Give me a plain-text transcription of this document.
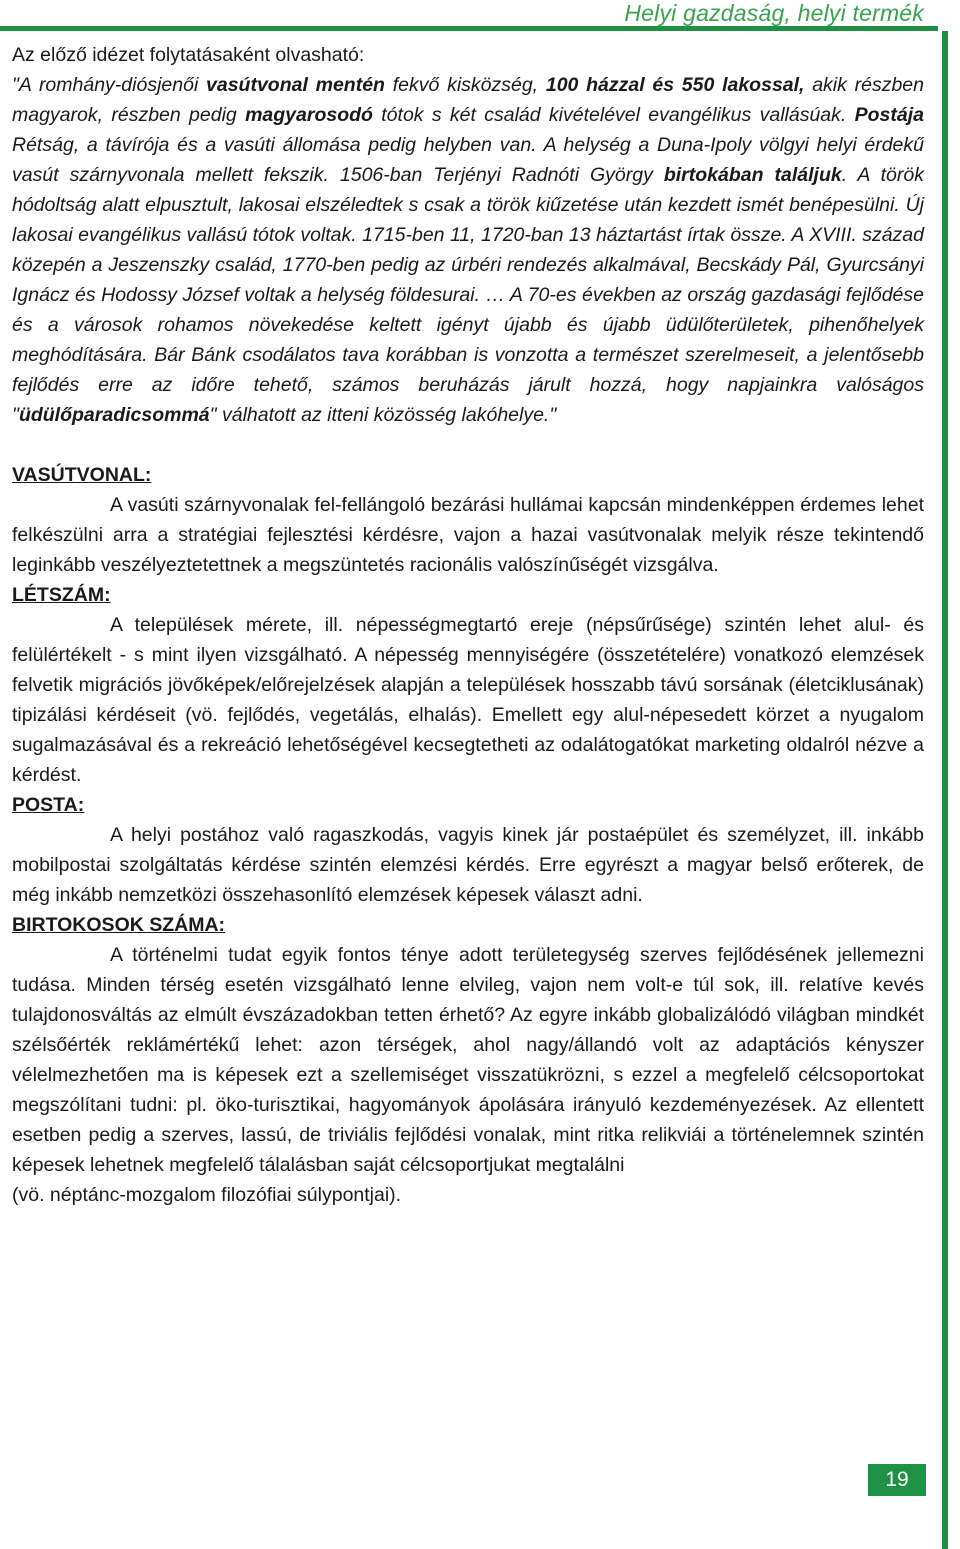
Helyi gazdaság, helyi termék

Az előző idézet folytatásaként olvasható:

"A romhány-diósjenői vasútvonal mentén fekvő kisközség, 100 házzal és 550 lakossal, akik részben magyarok, részben pedig magyarosodó tótok s két család kivételével evangélikus vallásúak. Postája Rétság, a távírója és a vasúti állomása pedig helyben van. A helység a Duna-Ipoly völgyi helyi érdekű vasút szárnyvonala mellett fekszik. 1506-ban Terjényi Radnóti György birtokában találjuk. A török hódoltság alatt elpusztult, lakosai elszéledtek s csak a török kiűzetése után kezdett ismét benépesülni. Új lakosai evangélikus vallású tótok voltak. 1715-ben 11, 1720-ban 13 háztartást írtak össze. A XVIII. század közepén a Jeszenszky család, 1770-ben pedig az úrbéri rendezés alkalmával, Becskády Pál, Gyurcsányi Ignácz és Hodossy József voltak a helység földesurai. … A 70-es években az ország gazdasági fejlődése és a városok rohamos növekedése keltett igényt újabb és újabb üdülőterületek, pihenőhelyek meghódítására. Bár Bánk csodálatos tava korábban is vonzotta a természet szerelmeseit, a jelentősebb fejlődés erre az időre tehető, számos beruházás járult hozzá, hogy napjainkra valóságos "üdülőparadicsommá" válhatott az itteni közösség lakóhelye."

VASÚTVONAL:

A vasúti szárnyvonalak fel-fellángoló bezárási hullámai kapcsán mindenképpen érdemes lehet felkészülni arra a stratégiai fejlesztési kérdésre, vajon a hazai vasútvonalak melyik része tekintendő leginkább veszélyeztetettnek a megszüntetés racionális valószínűségét vizsgálva.

LÉTSZÁM:

A települések mérete, ill. népességmegtartó ereje (népsűrűsége) szintén lehet alul- és felülértékelt - s mint ilyen vizsgálható. A népesség mennyiségére (összetételére) vonatkozó elemzések felvetik migrációs jövőképek/előrejelzések alapján a települések hosszabb távú sorsának (életciklusának) tipizálási kérdéseit (vö. fejlődés, vegetálás, elhalás). Emellett egy alul-népesedett körzet a nyugalom sugalmazásával és a rekreáció lehetőségével kecsegtetheti az odalátogatókat marketing oldalról nézve a kérdést.

POSTA:

A helyi postához való ragaszkodás, vagyis kinek jár postaépület és személyzet, ill. inkább mobilpostai szolgáltatás kérdése szintén elemzési kérdés. Erre egyrészt a magyar belső erőterek, de még inkább nemzetközi összehasonlító elemzések képesek választ adni.

BIRTOKOSOK SZÁMA:

A történelmi tudat egyik fontos ténye adott területegység szerves fejlődésének jellemezni tudása. Minden térség esetén vizsgálható lenne elvileg, vajon nem volt-e túl sok, ill. relatíve kevés tulajdonosváltás az elmúlt évszázadokban tetten érhető? Az egyre inkább globalizálódó világban mindkét szélsőérték reklámértékű lehet: azon térségek, ahol nagy/állandó volt az adaptációs kényszer vélelmezhetően ma is képesek ezt a szellemiséget visszatükrözni, s ezzel a megfelelő célcsoportokat megszólítani tudni: pl. öko-turisztikai, hagyományok ápolására irányuló kezdeményezések. Az ellentett esetben pedig a szerves, lassú, de triviális fejlődési vonalak, mint ritka relikviái a történelemnek szintén képesek lehetnek megfelelő tálalásban saját célcsoportjukat megtalálni

(vö. néptánc-mozgalom filozófiai súlypontjai).

19
